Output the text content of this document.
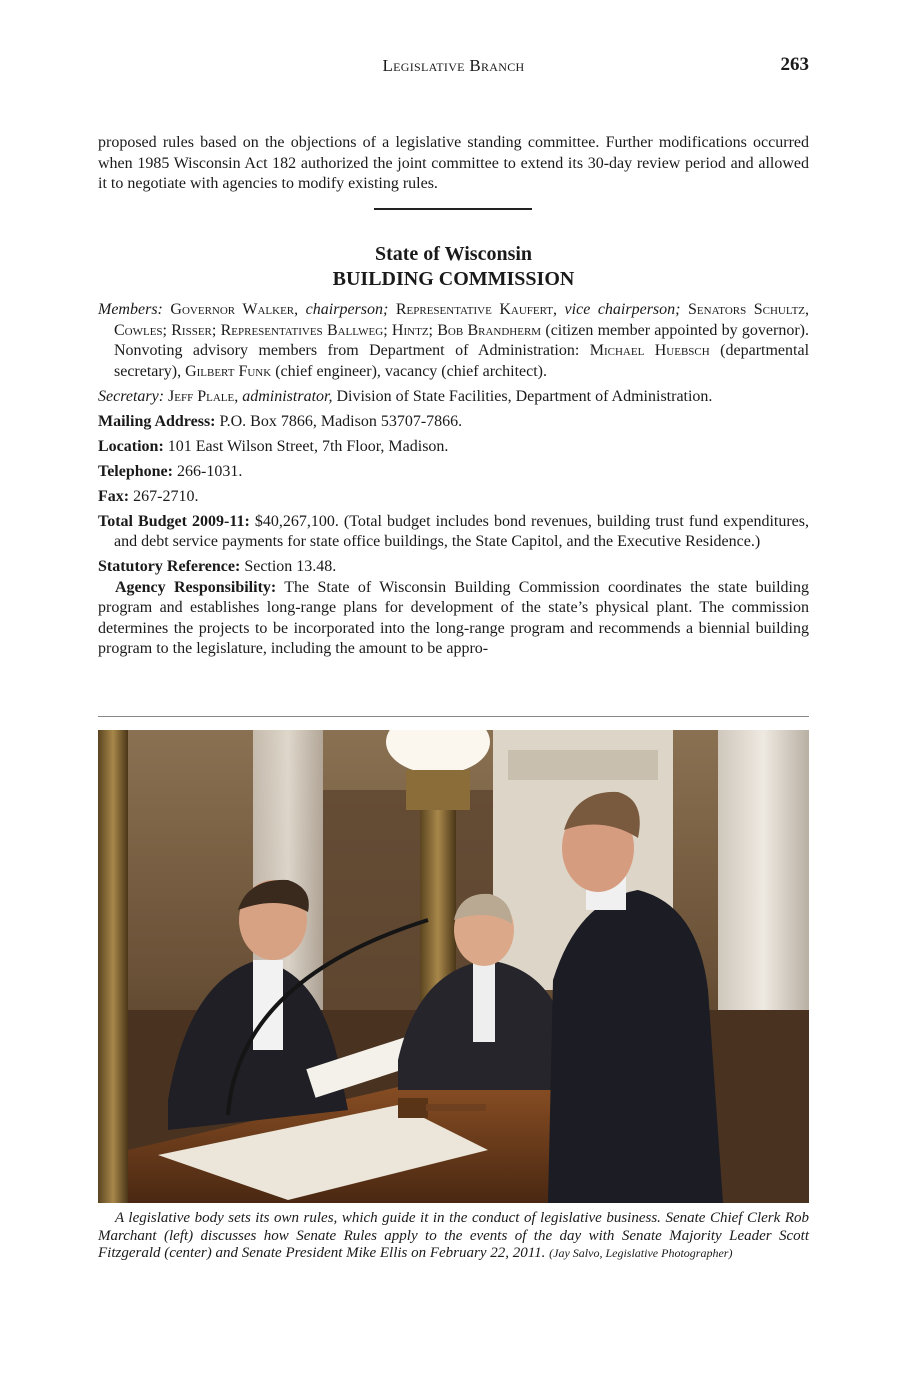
Legislative Branch	263
proposed rules based on the objections of a legislative standing committee. Further modifications occurred when 1985 Wisconsin Act 182 authorized the joint committee to extend its 30-day review period and allowed it to negotiate with agencies to modify existing rules.
State of Wisconsin
BUILDING COMMISSION

Members: Governor Walker, chairperson; Representative Kaufert, vice chairperson; Senators Schultz, Cowles; Risser; Representatives Ballweg; Hintz; Bob Brandherm (citizen member appointed by governor). Nonvoting advisory members from Department of Administration: Michael Huebsch (departmental secretary), Gilbert Funk (chief engineer), vacancy (chief architect).

Secretary: Jeff Plale, administrator, Division of State Facilities, Department of Administration.

Mailing Address: P.O. Box 7866, Madison 53707-7866.

Location: 101 East Wilson Street, 7th Floor, Madison.

Telephone: 266-1031.

Fax: 267-2710.

Total Budget 2009-11: $40,267,100. (Total budget includes bond revenues, building trust fund expenditures, and debt service payments for state office buildings, the State Capitol, and the Executive Residence.)

Statutory Reference: Section 13.48.

Agency Responsibility: The State of Wisconsin Building Commission coordinates the state building program and establishes long-range plans for development of the state’s physical plant. The commission determines the projects to be incorporated into the long-range program and recommends a biennial building program to the legislature, including the amount to be appro-

A legislative body sets its own rules, which guide it in the conduct of legislative business. Senate Chief Clerk Rob Marchant (left) discusses how Senate Rules apply to the events of the day with Senate Majority Leader Scott Fitzgerald (center) and Senate President Mike Ellis on February 22, 2011. (Jay Salvo, Legislative Photographer)
